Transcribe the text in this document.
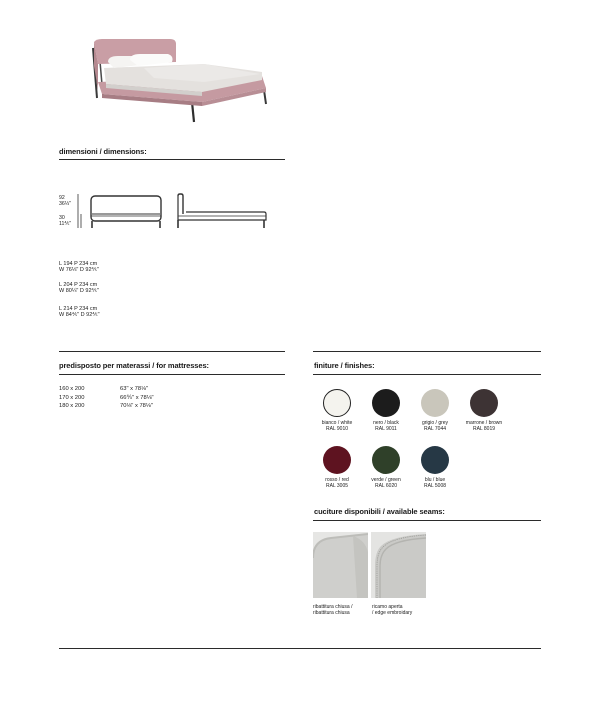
dimensioni / dimensions:
92
36⅓"
30
11⅘"
L 194 P 234 cm
W 76⅓" D 92⅘"
L 204 P 234 cm
W 80¼" D 92⅘"
L 214 P 234 cm
W 84⅘" D 92⅘"
predisposto per materassi / for mattresses:
160 x 200
170 x 200
180 x 200
63" x 78⅛"
66⅘" x 78⅛"
70⅛" x 78⅛"
finiture / finishes:
bianco / white
RAL 9010
nero / black
RAL 9011
grigio / grey
RAL 7044
marrone / brown
RAL 8019
rosso / red
RAL 3005
verde / green
RAL 6020
blu / blue
RAL 5008
cuciture disponibili / available seams:
ribattitura chiusa /
ribattitura chiusa
ricamo aperta
/ edge embroidary
